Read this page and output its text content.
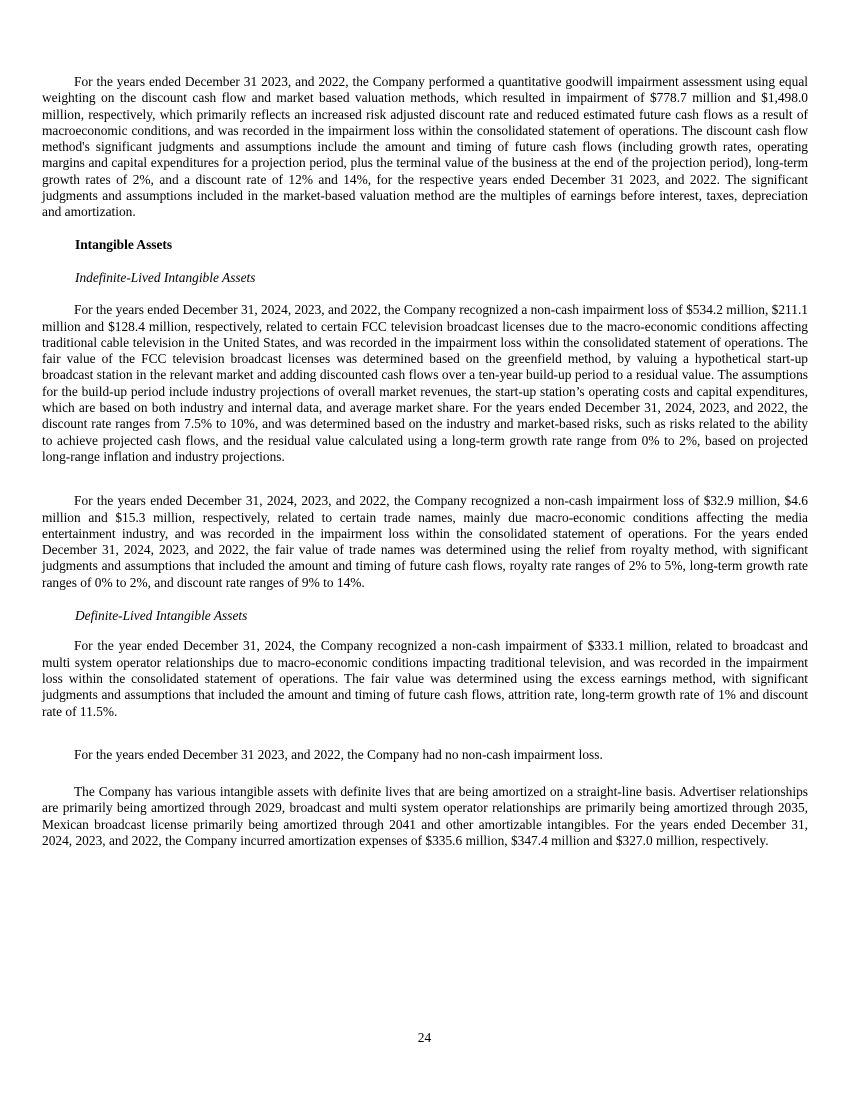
For the years ended December 31 2023, and 2022, the Company performed a quantitative goodwill impairment assessment using equal weighting on the discount cash flow and market based valuation methods, which resulted in impairment of $778.7 million and $1,498.0 million, respectively, which primarily reflects an increased risk adjusted discount rate and reduced estimated future cash flows as a result of macroeconomic conditions, and was recorded in the impairment loss within the consolidated statement of operations. The discount cash flow method's significant judgments and assumptions include the amount and timing of future cash flows (including growth rates, operating margins and capital expenditures for a projection period, plus the terminal value of the business at the end of the projection period), long-term growth rates of 2%, and a discount rate of 12% and 14%, for the respective years ended December 31 2023, and 2022. The significant judgments and assumptions included in the market-based valuation method are the multiples of earnings before interest, taxes, depreciation and amortization.

Intangible Assets
Indefinite-Lived Intangible Assets

For the years ended December 31, 2024, 2023, and 2022, the Company recognized a non-cash impairment loss of $534.2 million, $211.1 million and $128.4 million, respectively, related to certain FCC television broadcast licenses due to the macro-economic conditions affecting traditional cable television in the United States, and was recorded in the impairment loss within the consolidated statement of operations. The fair value of the FCC television broadcast licenses was determined based on the greenfield method, by valuing a hypothetical start-up broadcast station in the relevant market and adding discounted cash flows over a ten-year build-up period to a residual value. The assumptions for the build-up period include industry projections of overall market revenues, the start-up station’s operating costs and capital expenditures, which are based on both industry and internal data, and average market share. For the years ended December 31, 2024, 2023, and 2022, the discount rate ranges from 7.5% to 10%, and was determined based on the industry and market-based risks, such as risks related to the ability to achieve projected cash flows, and the residual value calculated using a long-term growth rate range from 0% to 2%, based on projected long-range inflation and industry projections.

For the years ended December 31, 2024, 2023, and 2022, the Company recognized a non-cash impairment loss of $32.9 million, $4.6 million and $15.3 million, respectively, related to certain trade names, mainly due macro-economic conditions affecting the media entertainment industry, and was recorded in the impairment loss within the consolidated statement of operations. For the years ended December 31, 2024, 2023, and 2022, the fair value of trade names was determined using the relief from royalty method, with significant judgments and assumptions that included the amount and timing of future cash flows, royalty rate ranges of 2% to 5%, long-term growth rate ranges of 0% to 2%, and discount rate ranges of 9% to 14%.

Definite-Lived Intangible Assets

For the year ended December 31, 2024, the Company recognized a non-cash impairment of $333.1 million, related to broadcast and multi system operator relationships due to macro-economic conditions impacting traditional television, and was recorded in the impairment loss within the consolidated statement of operations. The fair value was determined using the excess earnings method, with significant judgments and assumptions that included the amount and timing of future cash flows, attrition rate, long-term growth rate of 1% and discount rate of 11.5%.

For the years ended December 31 2023, and 2022, the Company had no non-cash impairment loss.

The Company has various intangible assets with definite lives that are being amortized on a straight-line basis. Advertiser relationships are primarily being amortized through 2029, broadcast and multi system operator relationships are primarily being amortized through 2035, Mexican broadcast license primarily being amortized through 2041 and other amortizable intangibles. For the years ended December 31, 2024, 2023, and 2022, the Company incurred amortization expenses of $335.6 million, $347.4 million and $327.0 million, respectively.

24
